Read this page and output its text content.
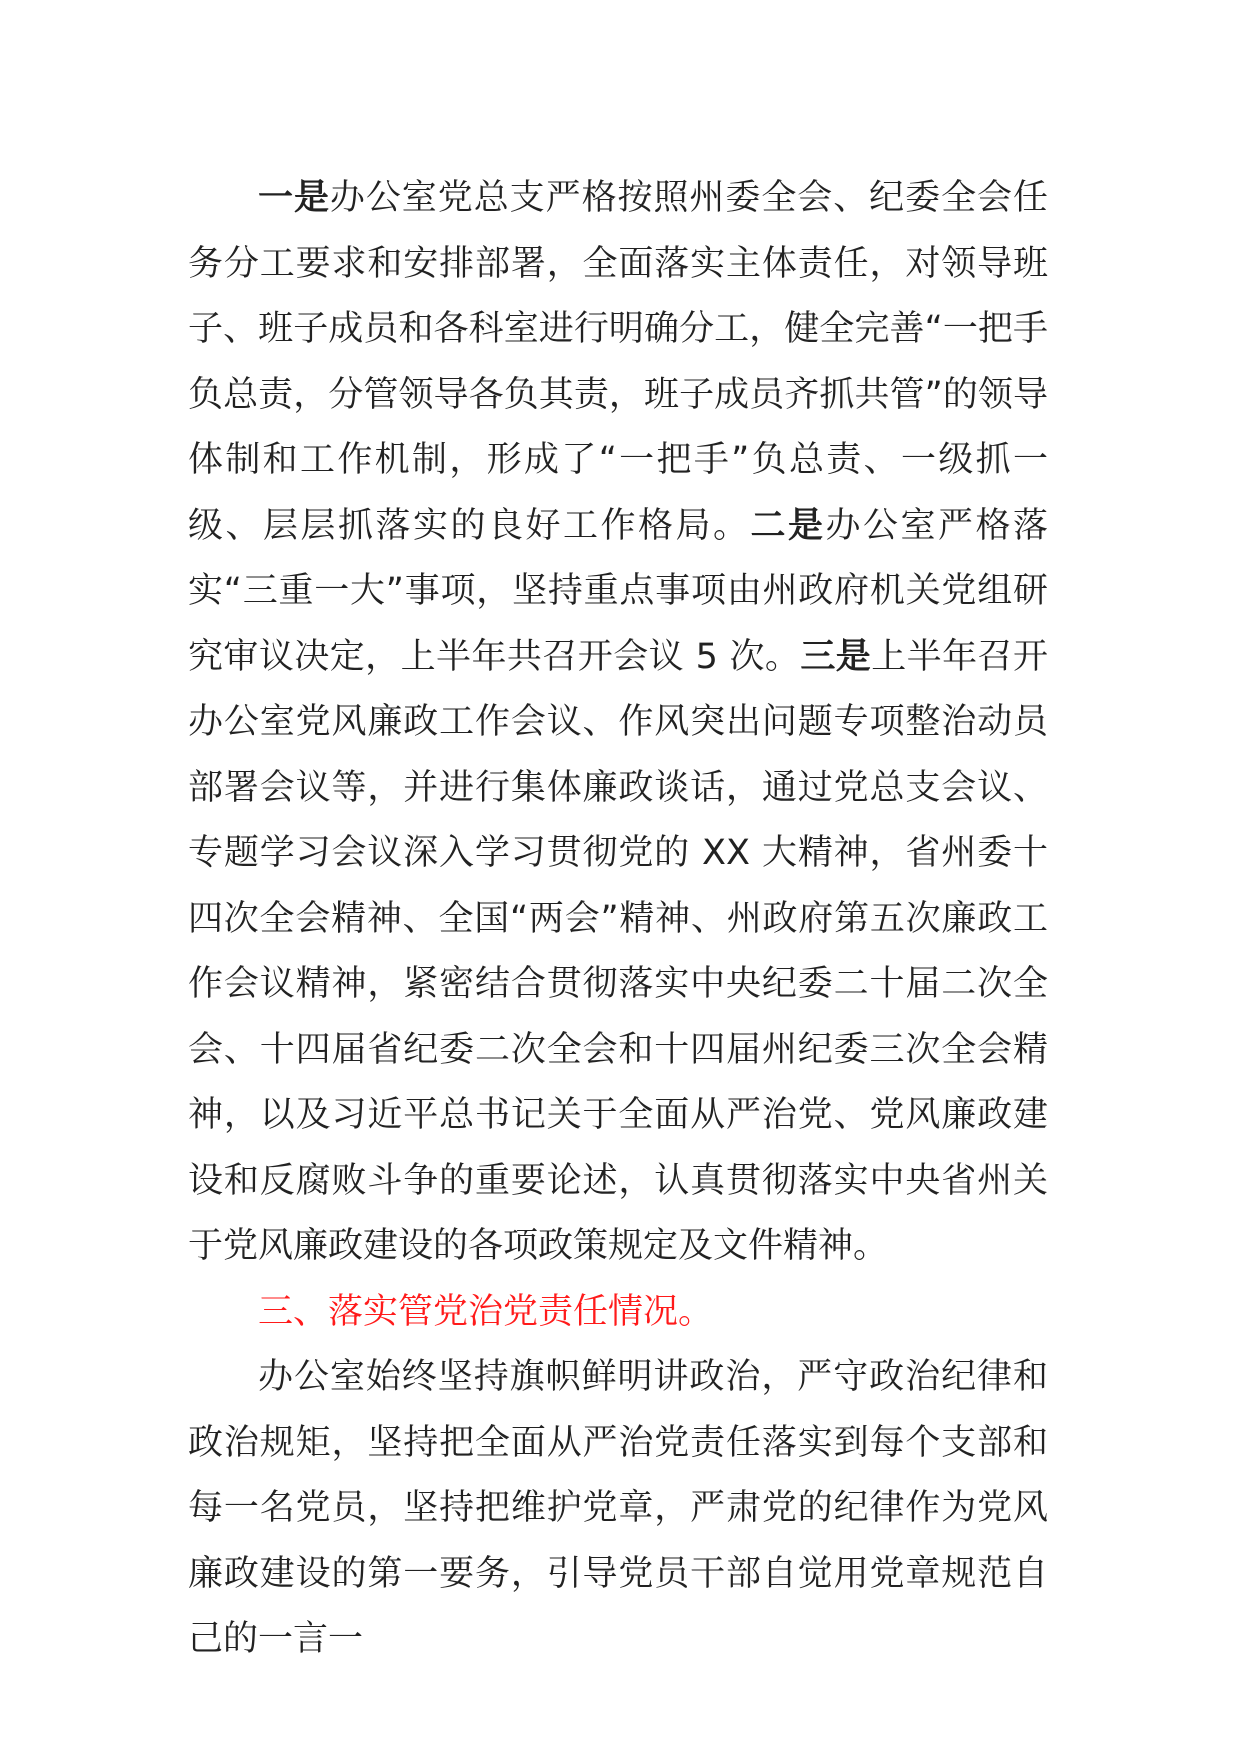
一是办公室党总支严格按照州委全会、纪委全会任务分工要求和安排部署，全面落实主体责任，对领导班子、班子成员和各科室进行明确分工，健全完善“一把手负总责，分管领导各负其责，班子成员齐抓共管”的领导体制和工作机制，形成了“一把手”负总责、一级抓一级、层层抓落实的良好工作格局。二是办公室严格落实“三重一大”事项，坚持重点事项由州政府机关党组研究审议决定，上半年共召开会议 5 次。三是上半年召开办公室党风廉政工作会议、作风突出问题专项整治动员部署会议等，并进行集体廉政谈话，通过党总支会议、专题学习会议深入学习贯彻党的 XX 大精神，省州委十四次全会精神、全国“两会”精神、州政府第五次廉政工作会议精神，紧密结合贯彻落实中央纪委二十届二次全会、十四届省纪委二次全会和十四届州纪委三次全会精神，以及习近平总书记关于全面从严治党、党风廉政建设和反腐败斗争的重要论述，认真贯彻落实中央省州关于党风廉政建设的各项政策规定及文件精神。

三、落实管党治党责任情况。

办公室始终坚持旗帜鲜明讲政治，严守政治纪律和政治规矩，坚持把全面从严治党责任落实到每个支部和每一名党员，坚持把维护党章，严肃党的纪律作为党风廉政建设的第一要务，引导党员干部自觉用党章规范自己的一言一
